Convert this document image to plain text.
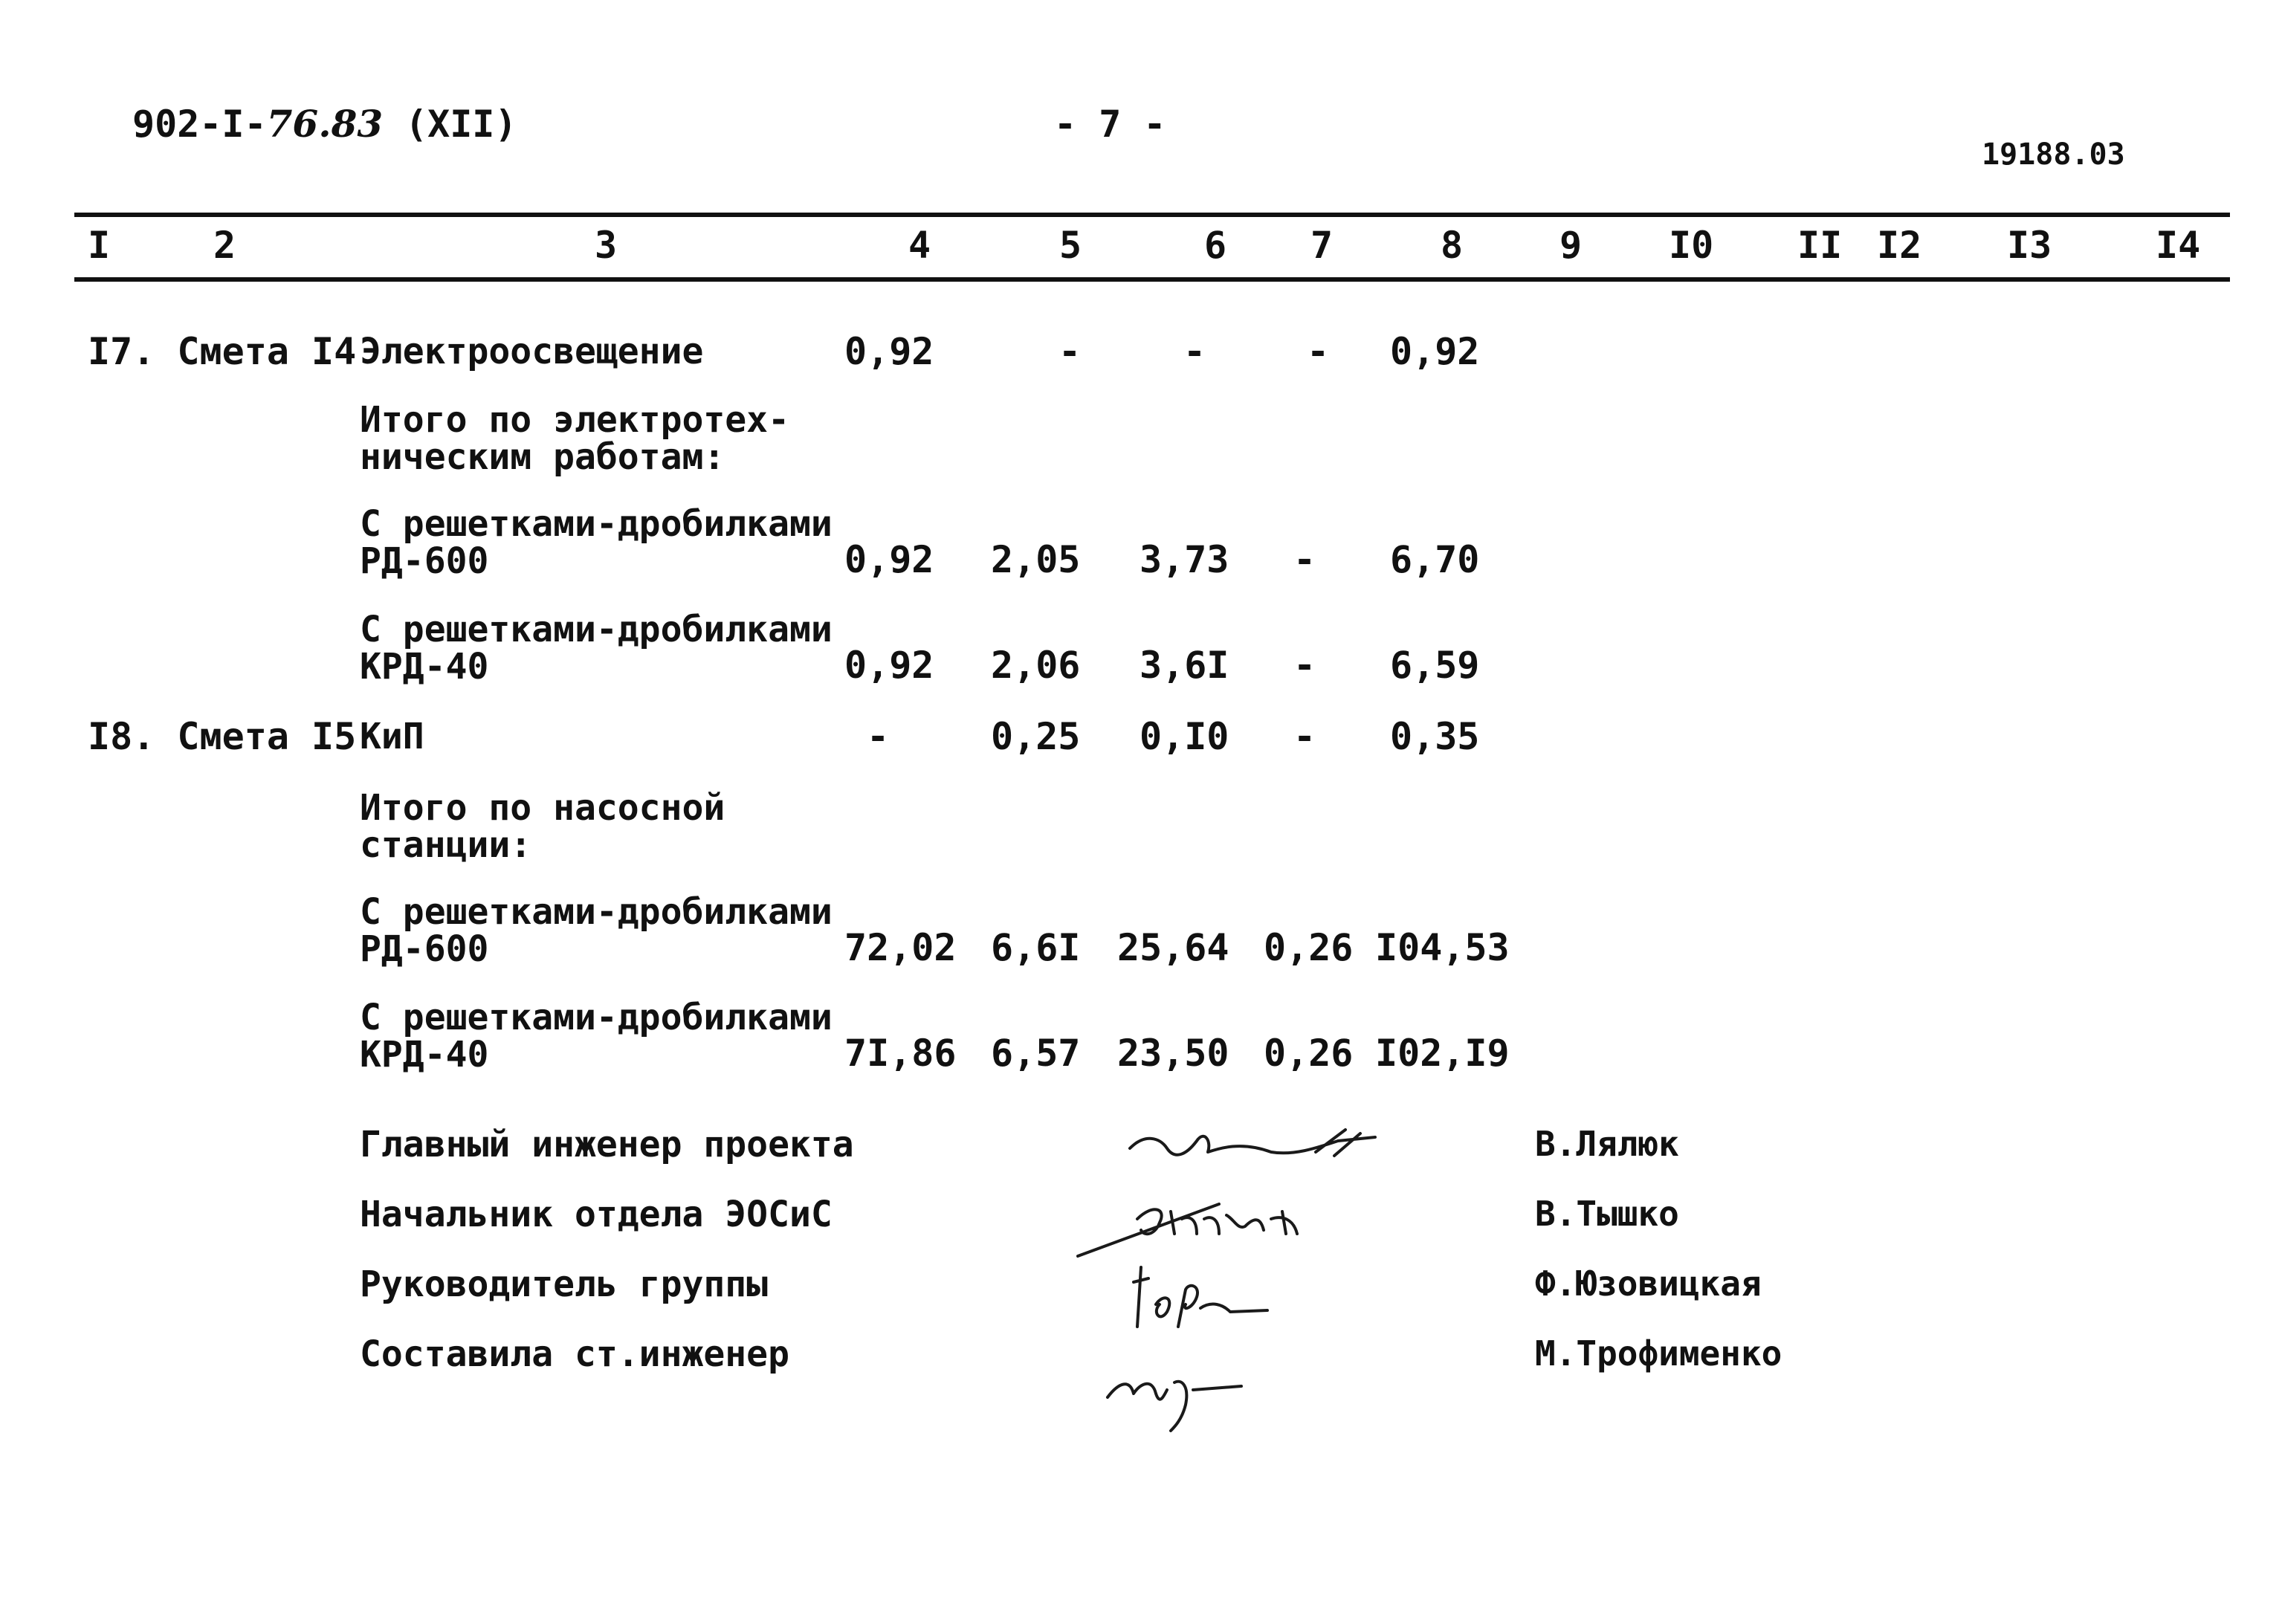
902-I-76.83 (XII)	- 7 -
19188.03
I	2	3	4	5	6 7	8	9 I0 II I2 I3	I4
I7. Смета I4 Электроосвещение	0,92	-	-	- 0,92
Итого по электротех-
ническим работам:
С решетками-дробилками
РД-600	0,92 2,05 3,73 - 6,70
С решетками-дробилками
КРД-40	0,92 2,06 3,6I - 6,59
I8. Смета I5 КиП	-	0,25 0,I0 - 0,35
Итого по насосной
станции:
С решетками-дробилками
РД-600	72,02 6,6I 25,64 0,26 I04,53
С решетками-дробилками
КРД-40	7I,86 6,57 23,50 0,26 I02,I9
Главный инженер проекта
Начальник отдела ЭОСиС
Руководитель группы
Составила ст.инженер
В.Лялюк
В.Тышко
Ф.Юзовицкая
М.Трофименко
